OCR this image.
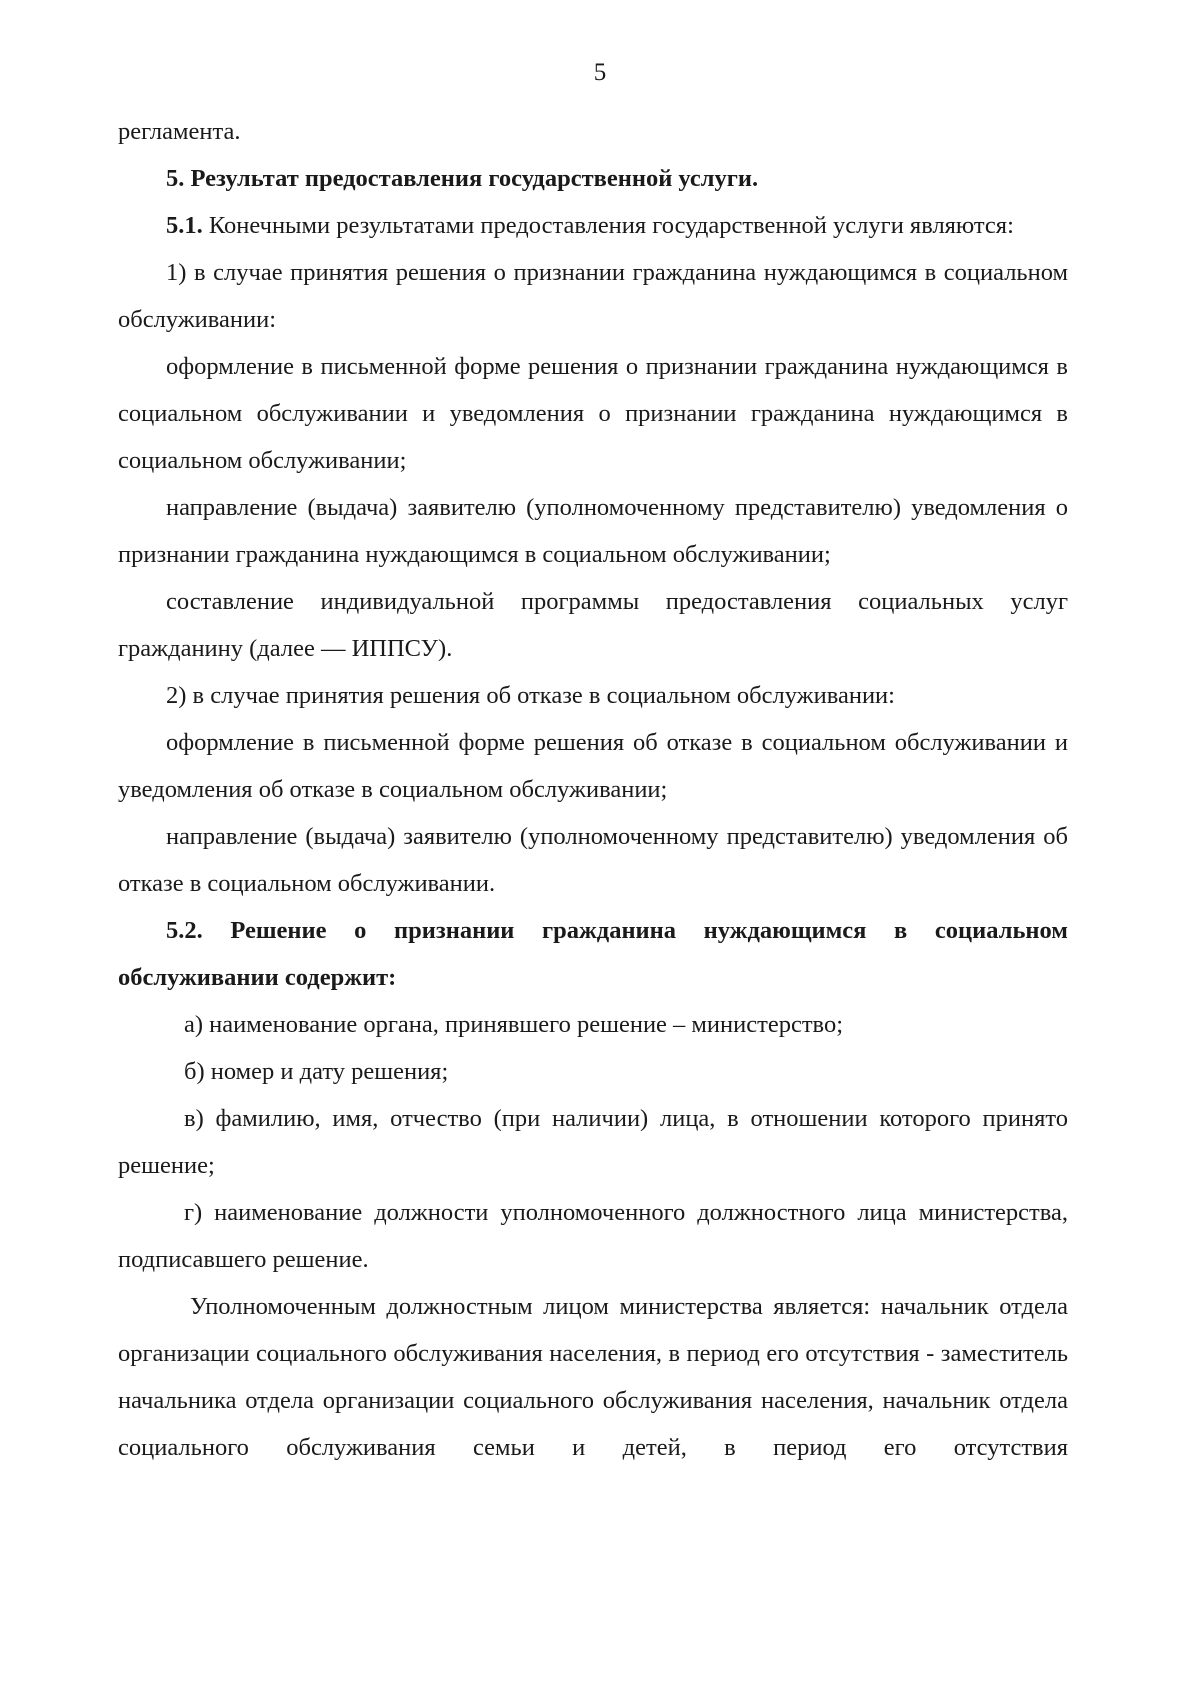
5

регламента.

5. Результат предоставления государственной услуги.

5.1. Конечными результатами предоставления государственной услуги являются:

1) в случае принятия решения о признании гражданина нуждающимся в социальном обслуживании:

оформление в письменной форме решения о признании гражданина нуждающимся в социальном обслуживании и уведомления о признании гражданина нуждающимся в социальном обслуживании;

направление (выдача) заявителю (уполномоченному представителю) уведомления о признании гражданина нуждающимся в социальном обслуживании;

составление индивидуальной программы предоставления социальных услуг гражданину (далее — ИППСУ).

2) в случае принятия решения об отказе в социальном обслуживании:

оформление в письменной форме решения об отказе в социальном обслуживании и уведомления об отказе в социальном обслуживании;

направление (выдача) заявителю (уполномоченному представителю) уведомления об отказе в социальном обслуживании.

5.2. Решение о признании гражданина нуждающимся в социальном обслуживании содержит:

а) наименование органа, принявшего решение – министерство;

б) номер и дату решения;

в) фамилию, имя, отчество (при наличии) лица, в отношении которого принято решение;

г) наименование должности уполномоченного должностного лица министерства, подписавшего решение.

Уполномоченным должностным лицом министерства является: начальник отдела организации социального обслуживания населения, в период его отсутствия - заместитель начальника отдела организации социального обслуживания населения, начальник отдела социального обслуживания семьи и детей, в период его отсутствия
